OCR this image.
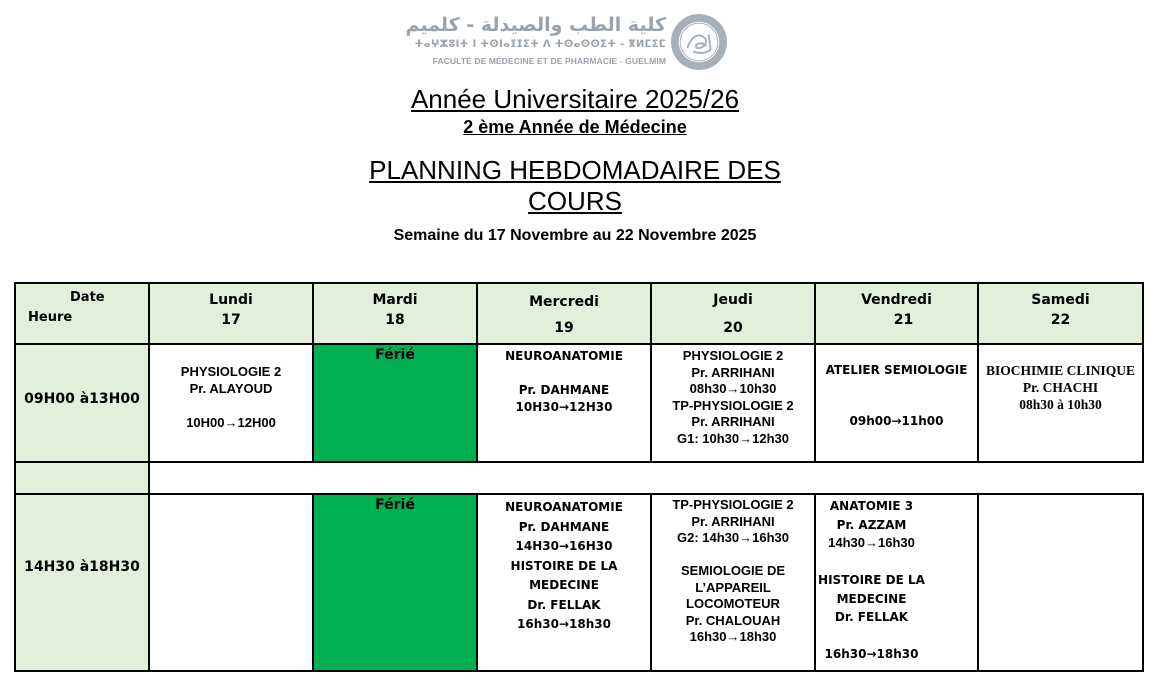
كلية الطب والصيدلة - كلميم
ⵜⴰⵖⵣⵓⵏⵜ ⵏ ⵜⵙⵏⴰⵊⵊⵉⵜ ⴷ ⵜⵙⴰⵙⵙⵉⵜ - ⴳⵍⵎⵉⵎ
FACULTÉ DE MÉDECINE ET DE PHARMACIE - GUELMIM
Année Universitaire 2025/26
2 ème Année de Médecine
PLANNING HEBDOMADAIRE DES
COURS
Semaine du 17 Novembre au 22 Novembre 2025
Date
Heure
Lundi
17
Mardi
18
Mercredi
19
Jeudi
20
Vendredi
21
Samedi
22
09H00 à13H00
PHYSIOLOGIE 2
Pr. ALAYOUD
10H00→12H00
Férié	NEUROANATOMIE
Pr. DAHMANE
10H30→12H30
PHYSIOLOGIE 2
Pr. ARRIHANI
08h30→10h30
TP-PHYSIOLOGIE 2
Pr. ARRIHANI
G1: 10h30→12h30
ATELIER SEMIOLOGIE
09h00→11h00
BIOCHIMIE CLINIQUE
Pr. CHACHI
08h30 à 10h30
14H30 à18H30
Férié	NEUROANATOMIE
Pr. DAHMANE
14H30→16H30
HISTOIRE DE LA
MEDECINE
Dr. FELLAK
16h30→18h30
TP-PHYSIOLOGIE 2
Pr. ARRIHANI
G2: 14h30→16h30
SEMIOLOGIE DE
L’APPAREIL
LOCOMOTEUR
Pr. CHALOUAH
16h30→18h30
ANATOMIE 3
Pr. AZZAM
14h30→16h30
HISTOIRE DE LA
MEDECINE
Dr. FELLAK
16h30→18h30
